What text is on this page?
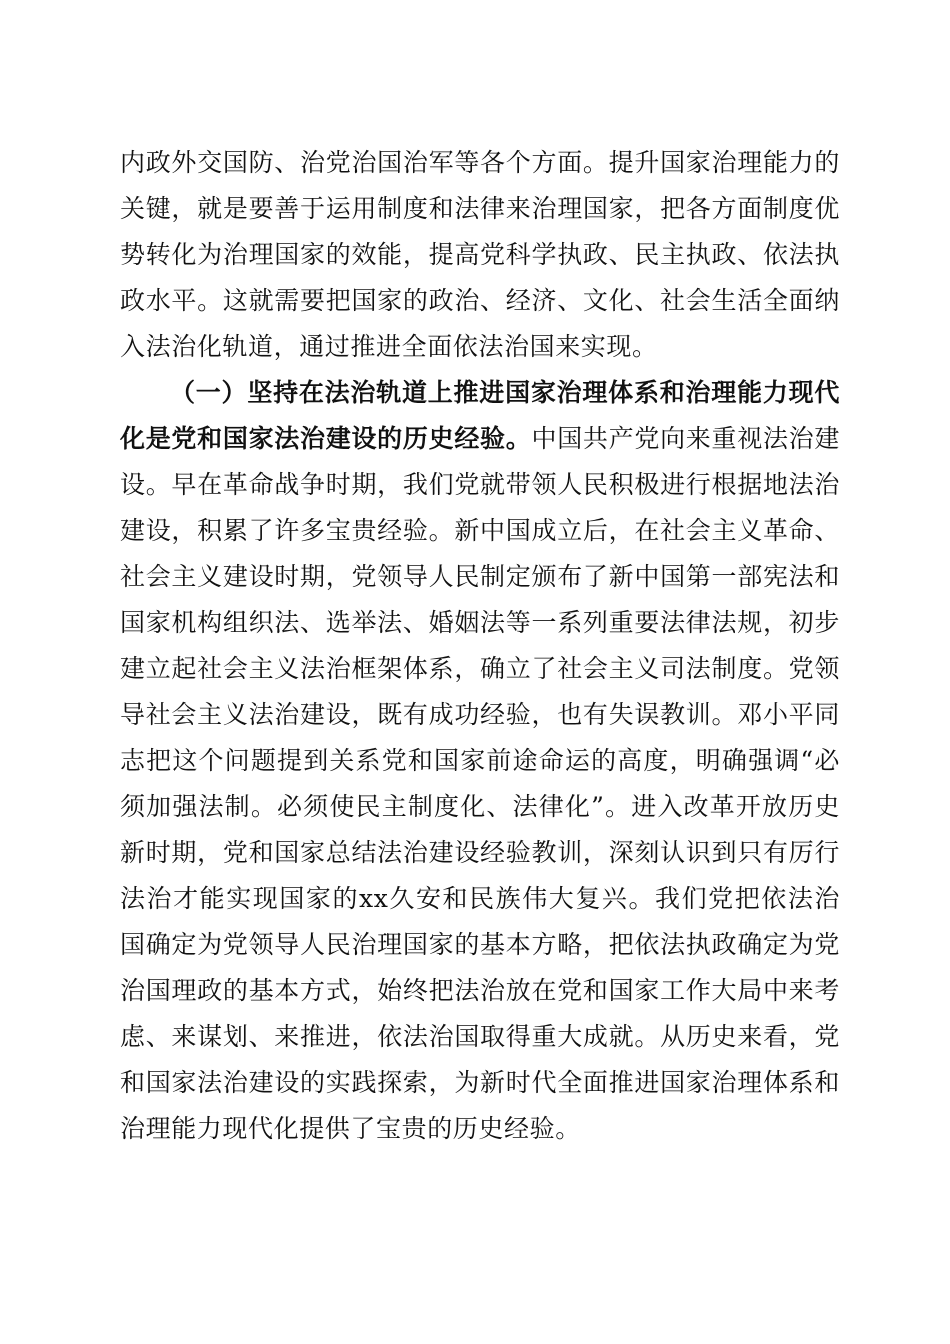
内政外交国防、治党治国治军等各个方面。提升国家治理能力的关键，就是要善于运用制度和法律来治理国家，把各方面制度优势转化为治理国家的效能，提高党科学执政、民主执政、依法执政水平。这就需要把国家的政治、经济、文化、社会生活全面纳入法治化轨道，通过推进全面依法治国来实现。

（一）坚持在法治轨道上推进国家治理体系和治理能力现代化是党和国家法治建设的历史经验。中国共产党向来重视法治建设。早在革命战争时期，我们党就带领人民积极进行根据地法治建设，积累了许多宝贵经验。新中国成立后，在社会主义革命、社会主义建设时期，党领导人民制定颁布了新中国第一部宪法和国家机构组织法、选举法、婚姻法等一系列重要法律法规，初步建立起社会主义法治框架体系，确立了社会主义司法制度。党领导社会主义法治建设，既有成功经验，也有失误教训。邓小平同志把这个问题提到关系党和国家前途命运的高度，明确强调“必须加强法制。必须使民主制度化、法律化”。进入改革开放历史新时期，党和国家总结法治建设经验教训，深刻认识到只有厉行法治才能实现国家的xx久安和民族伟大复兴。我们党把依法治国确定为党领导人民治理国家的基本方略，把依法执政确定为党治国理政的基本方式，始终把法治放在党和国家工作大局中来考虑、来谋划、来推进，依法治国取得重大成就。从历史来看，党和国家法治建设的实践探索，为新时代全面推进国家治理体系和治理能力现代化提供了宝贵的历史经验。
